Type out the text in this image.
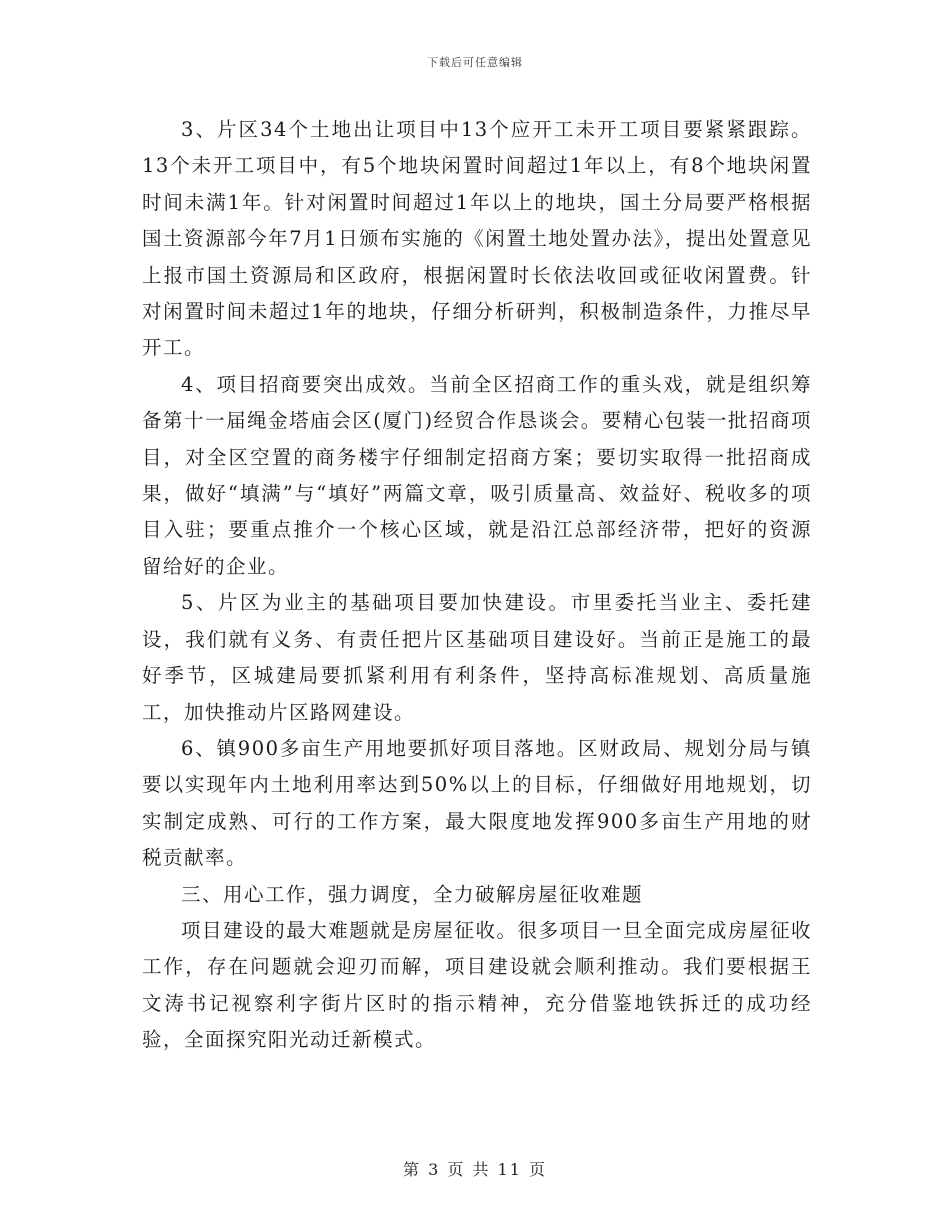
下载后可任意编辑

3、片区34个土地出让项目中13个应开工未开工项目要紧紧跟踪。13个未开工项目中，有5个地块闲置时间超过1年以上，有8个地块闲置时间未满1年。针对闲置时间超过1年以上的地块，国土分局要严格根据国土资源部今年7月1日颁布实施的《闲置土地处置办法》，提出处置意见上报市国土资源局和区政府，根据闲置时长依法收回或征收闲置费。针对闲置时间未超过1年的地块，仔细分析研判，积极制造条件，力推尽早开工。

4、项目招商要突出成效。当前全区招商工作的重头戏，就是组织筹备第十一届绳金塔庙会区(厦门)经贸合作恳谈会。要精心包装一批招商项目，对全区空置的商务楼宇仔细制定招商方案；要切实取得一批招商成果，做好“填满”与“填好”两篇文章，吸引质量高、效益好、税收多的项目入驻；要重点推介一个核心区域，就是沿江总部经济带，把好的资源留给好的企业。

5、片区为业主的基础项目要加快建设。市里委托当业主、委托建设，我们就有义务、有责任把片区基础项目建设好。当前正是施工的最好季节，区城建局要抓紧利用有利条件，坚持高标准规划、高质量施工，加快推动片区路网建设。

6、镇900多亩生产用地要抓好项目落地。区财政局、规划分局与镇要以实现年内土地利用率达到50%以上的目标，仔细做好用地规划，切实制定成熟、可行的工作方案，最大限度地发挥900多亩生产用地的财税贡献率。

三、用心工作，强力调度，全力破解房屋征收难题

项目建设的最大难题就是房屋征收。很多项目一旦全面完成房屋征收工作，存在问题就会迎刃而解，项目建设就会顺利推动。我们要根据王文涛书记视察利字街片区时的指示精神，充分借鉴地铁拆迁的成功经验，全面探究阳光动迁新模式。

第 3 页 共 11 页
